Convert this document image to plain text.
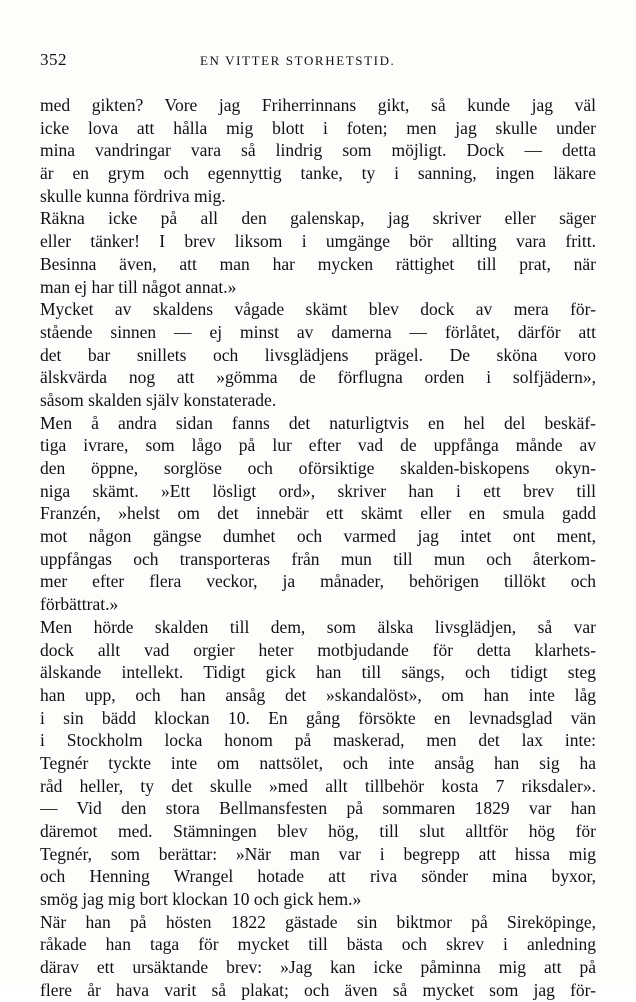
352	EN VITTER STORHETSTID.
med gikten? Vore jag Friherrinnans gikt, så kunde jag väl
icke lova att hålla mig blott i foten; men jag skulle under
mina vandringar vara så lindrig som möjligt. Dock — detta
är en grym och egennyttig tanke, ty i sanning, ingen läkare
skulle kunna fördriva mig.
Räkna icke på all den galenskap, jag skriver eller säger
eller tänker! I brev liksom i umgänge bör allting vara fritt.
Besinna även, att man har mycken rättighet till prat, när
man ej har till något annat.»
Mycket av skaldens vågade skämt blev dock av mera för-
stående sinnen — ej minst av damerna — förlåtet, därför att
det bar snillets och livsglädjens prägel. De sköna voro
älskvärda nog att »gömma de förflugna orden i solfjädern»,
såsom skalden själv konstaterade.
Men å andra sidan fanns det naturligtvis en hel del beskäf-
tiga ivrare, som lågo på lur efter vad de uppfånga månde av
den öppne, sorglöse och oförsiktige skalden-biskopens okyn-
niga skämt. »Ett lösligt ord», skriver han i ett brev till
Franzén, »helst om det innebär ett skämt eller en smula gadd
mot någon gängse dumhet och varmed jag intet ont ment,
uppfångas och transporteras från mun till mun och återkom-
mer efter flera veckor, ja månader, behörigen tillökt och
förbättrat.»
Men hörde skalden till dem, som älska livsglädjen, så var
dock allt vad orgier heter motbjudande för detta klarhets-
älskande intellekt. Tidigt gick han till sängs, och tidigt steg
han upp, och han ansåg det »skandalöst», om han inte låg
i sin bädd klockan 10. En gång försökte en levnadsglad vän
i Stockholm locka honom på maskerad, men det lax inte:
Tegnér tyckte inte om nattsölet, och inte ansåg han sig ha
råd heller, ty det skulle »med allt tillbehör kosta 7 riksdaler».
— Vid den stora Bellmansfesten på sommaren 1829 var han
däremot med. Stämningen blev hög, till slut alltför hög för
Tegnér, som berättar: »När man var i begrepp att hissa mig
och Henning Wrangel hotade att riva sönder mina byxor,
smög jag mig bort klockan 10 och gick hem.»
När han på hösten 1822 gästade sin biktmor på Sireköpinge,
råkade han taga för mycket till bästa och skrev i anledning
därav ett ursäktande brev: »Jag kan icke påminna mig att på
flere år hava varit så plakat; och även så mycket som jag för-
